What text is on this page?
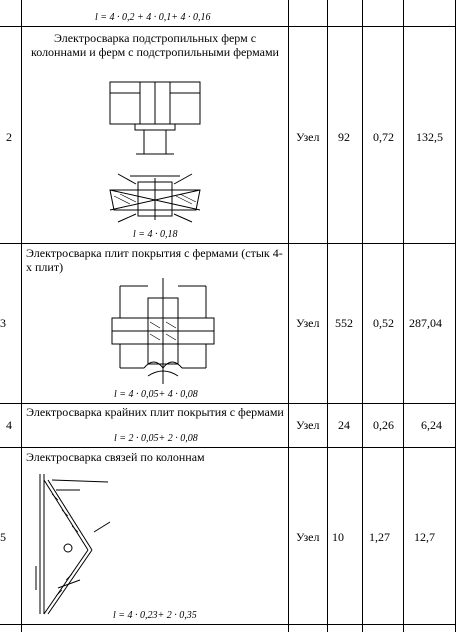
l = 4 · 0,2 + 4 · 0,1+ 4 · 0,16
2
Электросварка подстропильных ферм с колоннами и ферм с подстропильными фермами
l = 4 · 0,18
Узел 92 0,72 132,5
3
Электросварка плит покрытия с фермами (стык 4-х плит)
l = 4 · 0,05+ 4 · 0,08
Узел 552 0,52 287,04
4
Электросварка крайних плит покрытия с фермами
l = 2 · 0,05+ 2 · 0,08
Узел 24 0,26 6,24
5
Электросварка связей по колоннам
l = 4 · 0,23+ 2 · 0,35
Узел 10 1,27 12,7
